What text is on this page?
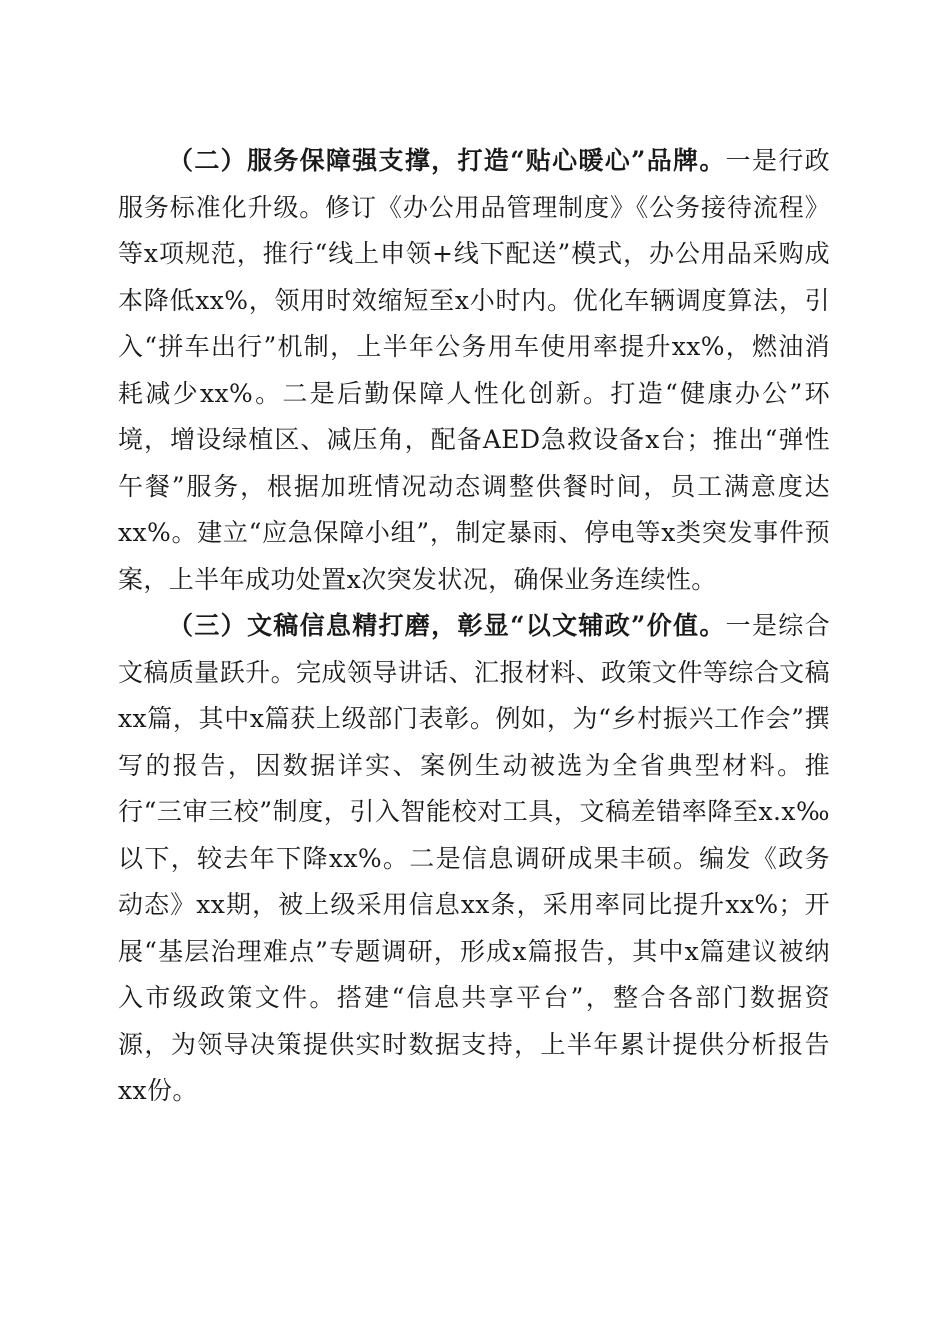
（二）服务保障强支撑，打造“贴心暖心”品牌。一是行政服务标准化升级。修订《办公用品管理制度》《公务接待流程》等x项规范，推行“线上申领+线下配送”模式，办公用品采购成本降低xx%，领用时效缩短至x小时内。优化车辆调度算法，引入“拼车出行”机制，上半年公务用车使用率提升xx%，燃油消耗减少xx%。二是后勤保障人性化创新。打造“健康办公”环境，增设绿植区、减压角，配备AED急救设备x台；推出“弹性午餐”服务，根据加班情况动态调整供餐时间，员工满意度达xx%。建立“应急保障小组”，制定暴雨、停电等x类突发事件预案，上半年成功处置x次突发状况，确保业务连续性。

（三）文稿信息精打磨，彰显“以文辅政”价值。一是综合文稿质量跃升。完成领导讲话、汇报材料、政策文件等综合文稿xx篇，其中x篇获上级部门表彰。例如，为“乡村振兴工作会”撰写的报告，因数据详实、案例生动被选为全省典型材料。推行“三审三校”制度，引入智能校对工具，文稿差错率降至x.x‰以下，较去年下降xx%。二是信息调研成果丰硕。编发《政务动态》xx期，被上级采用信息xx条，采用率同比提升xx%；开展“基层治理难点”专题调研，形成x篇报告，其中x篇建议被纳入市级政策文件。搭建“信息共享平台”，整合各部门数据资源，为领导决策提供实时数据支持，上半年累计提供分析报告xx份。
